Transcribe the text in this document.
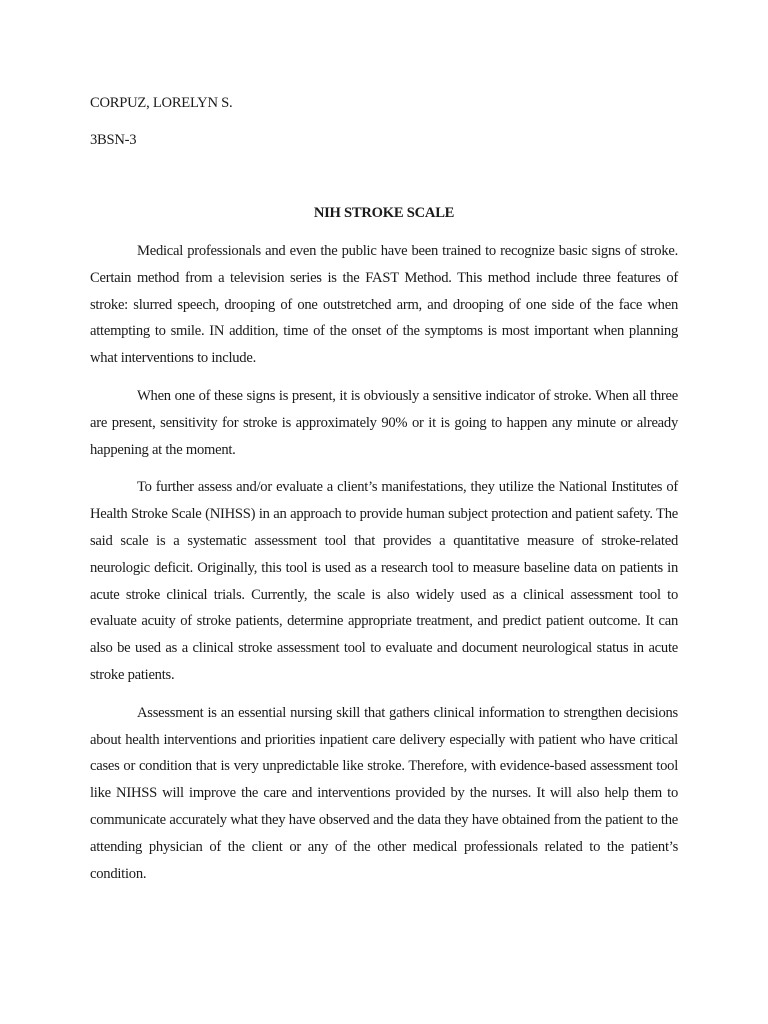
CORPUZ, LORELYN S.

3BSN-3

NIH STROKE SCALE

Medical professionals and even the public have been trained to recognize basic signs of stroke. Certain method from a television series is the FAST Method. This method include three features of stroke: slurred speech, drooping of one outstretched arm, and drooping of one side of the face when attempting to smile. IN addition, time of the onset of the symptoms is most important when planning what interventions to include.

When one of these signs is present, it is obviously a sensitive indicator of stroke. When all three are present, sensitivity for stroke is approximately 90% or it is going to happen any minute or already happening at the moment.

To further assess and/or evaluate a client’s manifestations, they utilize the National Institutes of Health Stroke Scale (NIHSS) in an approach to provide human subject protection and patient safety. The said scale is a systematic assessment tool that provides a quantitative measure of stroke-related neurologic deficit. Originally, this tool is used as a research tool to measure baseline data on patients in acute stroke clinical trials. Currently, the scale is also widely used as a clinical assessment tool to evaluate acuity of stroke patients, determine appropriate treatment, and predict patient outcome. It can also be used as a clinical stroke assessment tool to evaluate and document neurological status in acute stroke patients.

Assessment is an essential nursing skill that gathers clinical information to strengthen decisions about health interventions and priorities inpatient care delivery especially with patient who have critical cases or condition that is very unpredictable like stroke. Therefore, with evidence-based assessment tool like NIHSS will improve the care and interventions provided by the nurses. It will also help them to communicate accurately what they have observed and the data they have obtained from the patient to the attending physician of the client or any of the other medical professionals related to the patient’s condition.
